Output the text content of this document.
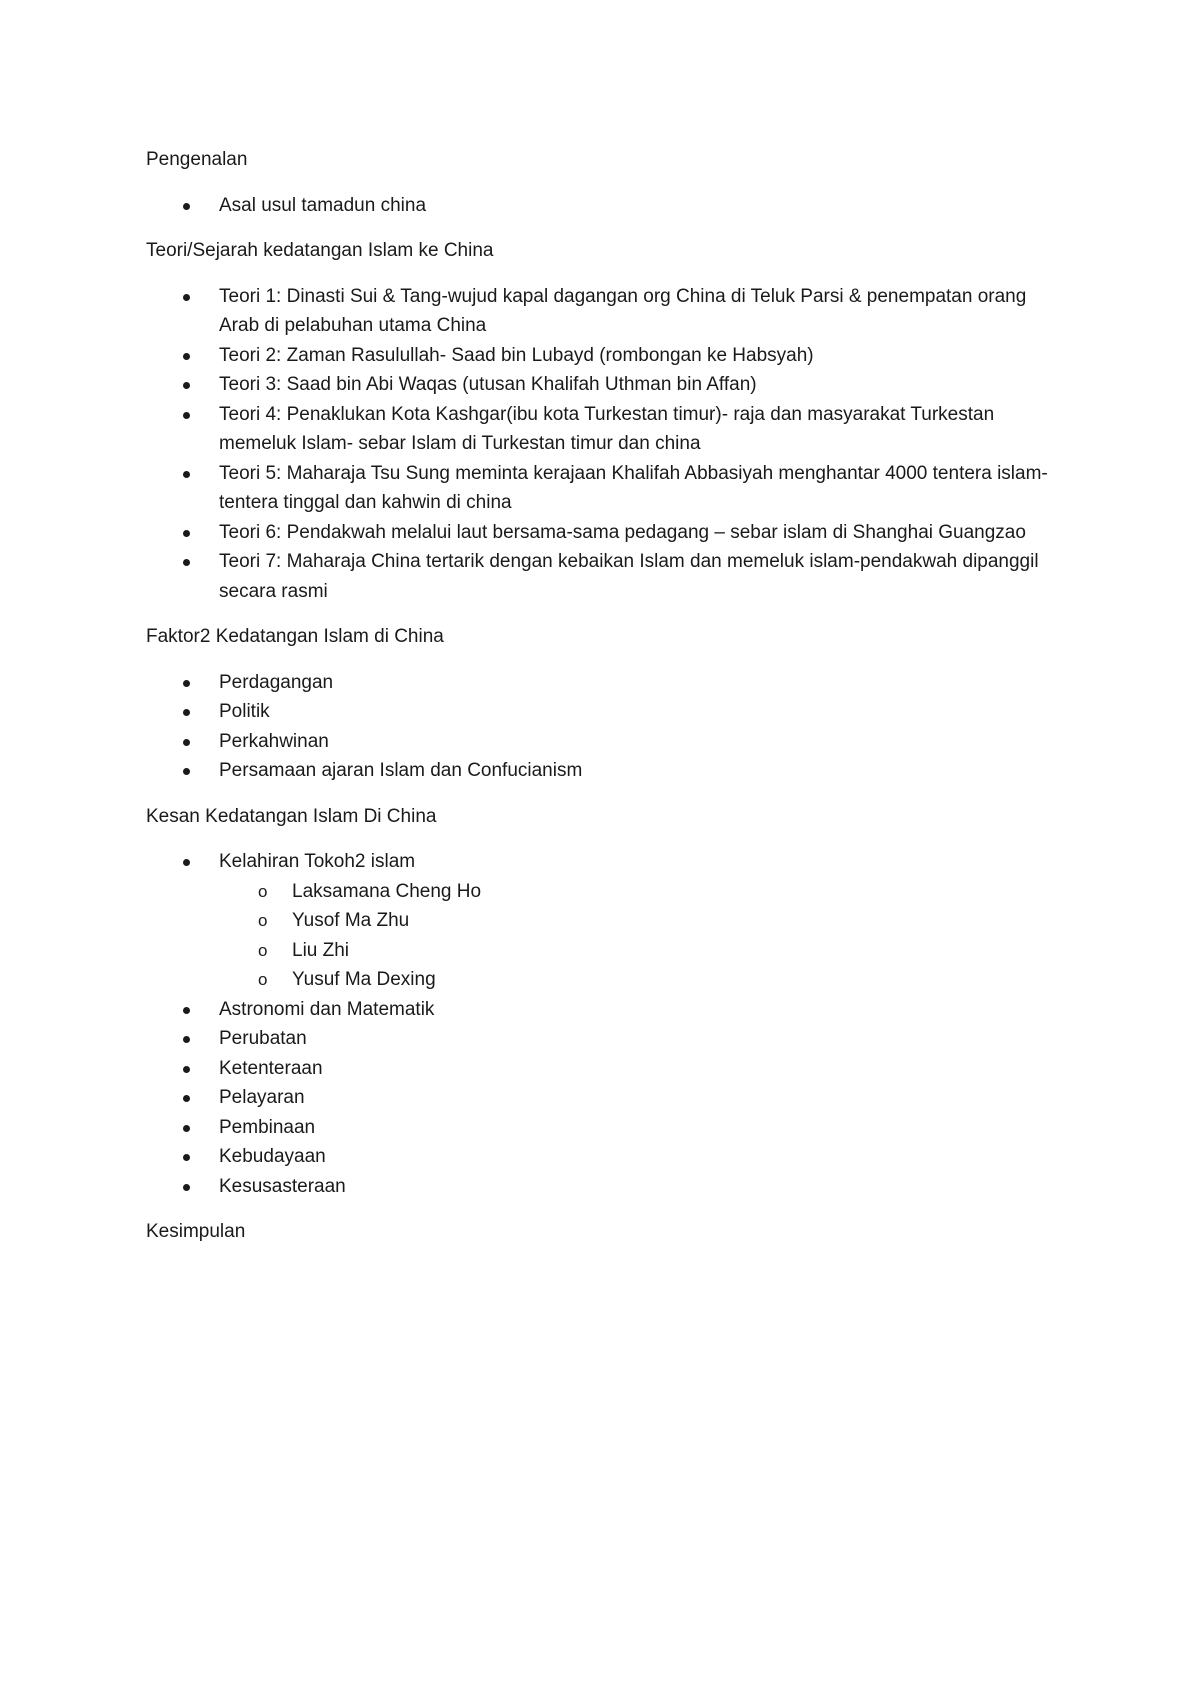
Pengenalan
Asal usul tamadun china
Teori/Sejarah kedatangan Islam ke China
Teori 1: Dinasti Sui & Tang-wujud kapal dagangan org China di Teluk Parsi & penempatan orang Arab di pelabuhan utama China
Teori 2: Zaman Rasulullah- Saad bin Lubayd (rombongan ke Habsyah)
Teori 3: Saad bin Abi Waqas (utusan Khalifah Uthman bin Affan)
Teori 4: Penaklukan Kota Kashgar(ibu kota Turkestan timur)- raja dan masyarakat Turkestan memeluk Islam- sebar Islam di Turkestan timur dan china
Teori 5: Maharaja Tsu Sung meminta kerajaan Khalifah Abbasiyah menghantar 4000 tentera islam-tentera tinggal dan kahwin di china
Teori 6: Pendakwah melalui laut bersama-sama pedagang – sebar islam di Shanghai Guangzao
Teori 7: Maharaja China tertarik dengan kebaikan Islam dan memeluk islam-pendakwah dipanggil secara rasmi
Faktor2 Kedatangan Islam di China
Perdagangan
Politik
Perkahwinan
Persamaan ajaran Islam dan Confucianism
Kesan Kedatangan Islam Di China
Kelahiran Tokoh2 islam
o Laksamana Cheng Ho
o Yusof Ma Zhu
o Liu Zhi
o Yusuf Ma Dexing
Astronomi dan Matematik
Perubatan
Ketenteraan
Pelayaran
Pembinaan
Kebudayaan
Kesusasteraan
Kesimpulan
